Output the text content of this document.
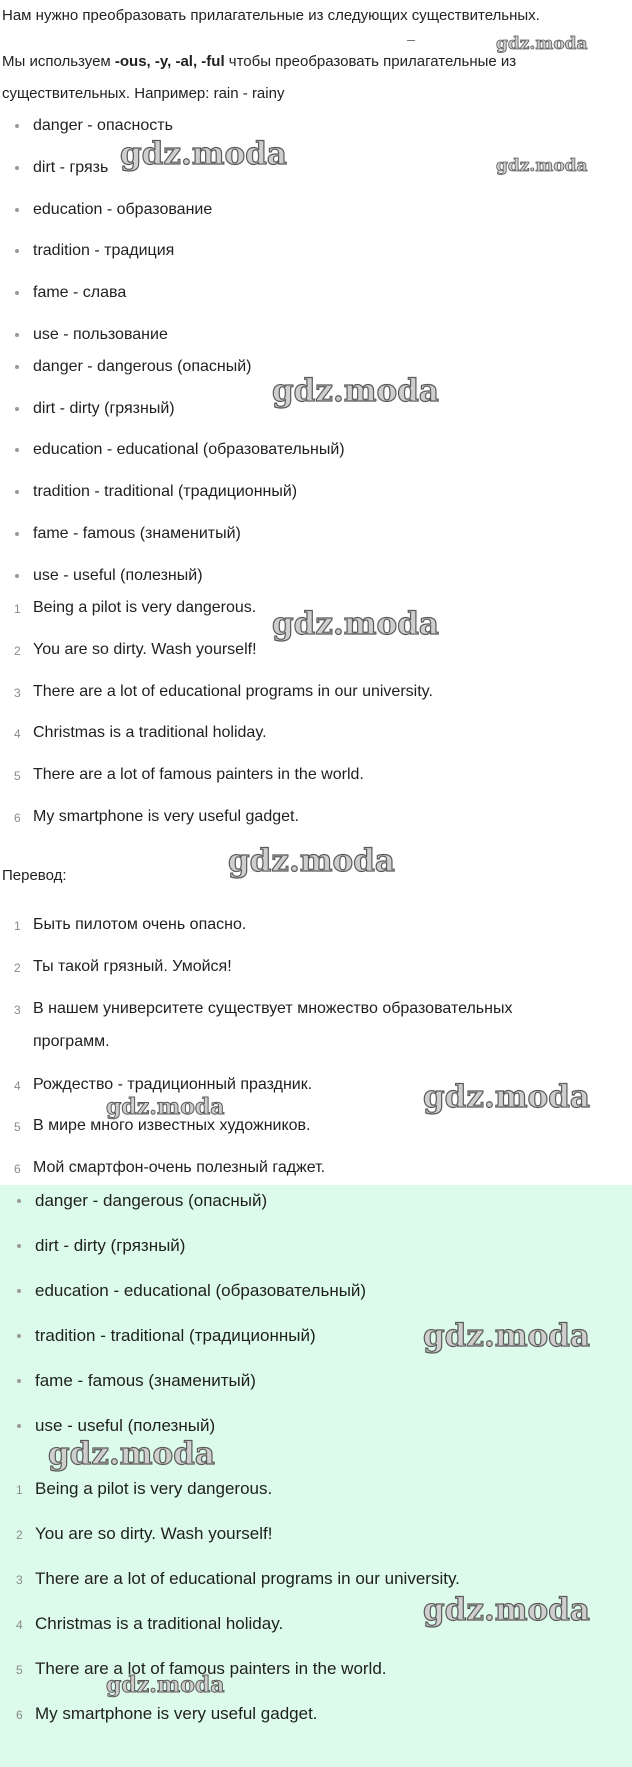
Нам нужно преобразовать прилагательные из следующих существительных.
Мы используем -ous, -y, -al, -ful чтобы преобразовать прилагательные из
существительных. Например: rain - rainy
danger - опасность
dirt - грязь
education - образование
tradition - традиция
fame - слава
use - пользование
danger - dangerous (опасный)
dirt - dirty (грязный)
education - educational (образовательный)
tradition - traditional (традиционный)
fame - famous (знаменитый)
use - useful (полезный)
1 Being a pilot is very dangerous.
2 You are so dirty. Wash yourself!
3 There are a lot of educational programs in our university.
4 Christmas is a traditional holiday.
5 There are a lot of famous painters in the world.
6 My smartphone is very useful gadget.
Перевод:
1 Быть пилотом очень опасно.
2 Ты такой грязный. Умойся!
3 В нашем университете существует множество образовательных
программ.
4 Рождество - традиционный праздник.
5 В мире много известных художников.
6 Мой смартфон-очень полезный гаджет.
danger - dangerous (опасный)
dirt - dirty (грязный)
education - educational (образовательный)
tradition - traditional (традиционный)
fame - famous (знаменитый)
use - useful (полезный)
1 Being a pilot is very dangerous.
2 You are so dirty. Wash yourself!
3 There are a lot of educational programs in our university.
4 Christmas is a traditional holiday.
5 There are a lot of famous painters in the world.
6 My smartphone is very useful gadget.
gdz.moda
gdz.moda	gdz.moda
gdz.moda
gdz.moda
gdz.moda
gdz.moda
gdz.moda
gdz.moda
gdz.moda
gdz.moda
gdz.moda
